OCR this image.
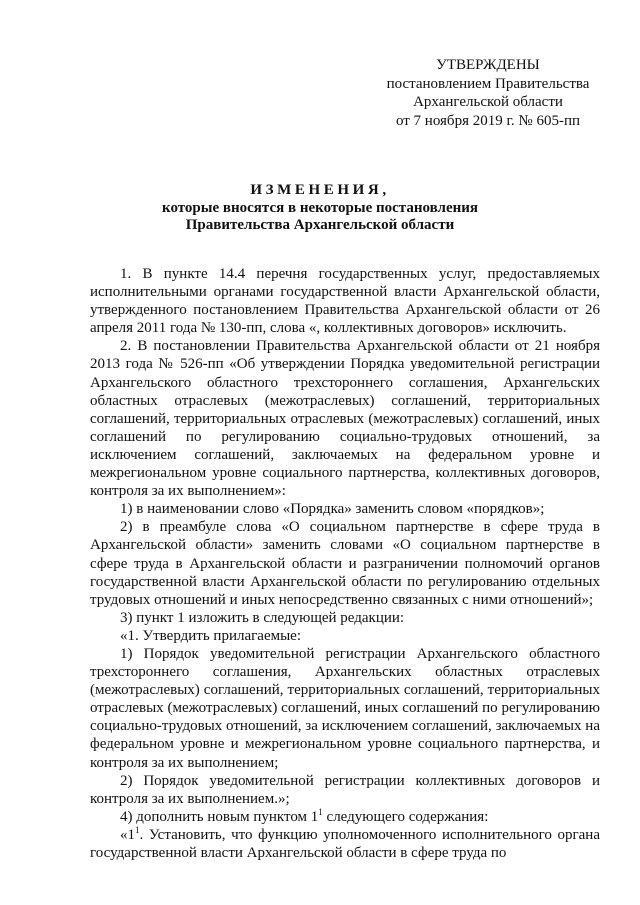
УТВЕРЖДЕНЫ
постановлением Правительства
Архангельской области
от 7 ноября 2019 г. № 605-пп
ИЗМЕНЕНИЯ,
которые вносятся в некоторые постановления
Правительства Архангельской области

1. В пункте 14.4 перечня государственных услуг, предоставляемых исполнительными органами государственной власти Архангельской области, утвержденного постановлением Правительства Архангельской области от 26 апреля 2011 года № 130-пп, слова «, коллективных договоров» исключить.

2. В постановлении Правительства Архангельской области от 21 ноября 2013 года № 526-пп «Об утверждении Порядка уведомительной регистрации Архангельского областного трехстороннего соглашения, Архангельских областных отраслевых (межотраслевых) соглашений, территориальных соглашений, территориальных отраслевых (межотраслевых) соглашений, иных соглашений по регулированию социально-трудовых отношений, за исключением соглашений, заключаемых на федеральном уровне и межрегиональном уровне социального партнерства, коллективных договоров, контроля за их выполнением»:

1) в наименовании слово «Порядка» заменить словом «порядков»;

2) в преамбуле слова «О социальном партнерстве в сфере труда в Архангельской области» заменить словами «О социальном партнерстве в сфере труда в Архангельской области и разграничении полномочий органов государственной власти Архангельской области по регулированию отдельных трудовых отношений и иных непосредственно связанных с ними отношений»;

3) пункт 1 изложить в следующей редакции:

«1. Утвердить прилагаемые:

1) Порядок уведомительной регистрации Архангельского областного трехстороннего соглашения, Архангельских областных отраслевых (межотраслевых) соглашений, территориальных соглашений, территориальных отраслевых (межотраслевых) соглашений, иных соглашений по регулированию социально-трудовых отношений, за исключением соглашений, заключаемых на федеральном уровне и межрегиональном уровне социального партнерства, и контроля за их выполнением;

2) Порядок уведомительной регистрации коллективных договоров и контроля за их выполнением.»;

4) дополнить новым пунктом $1^1$ следующего содержания:

«$1^1$. Установить, что функцию уполномоченного исполнительного органа государственной власти Архангельской области в сфере труда по
